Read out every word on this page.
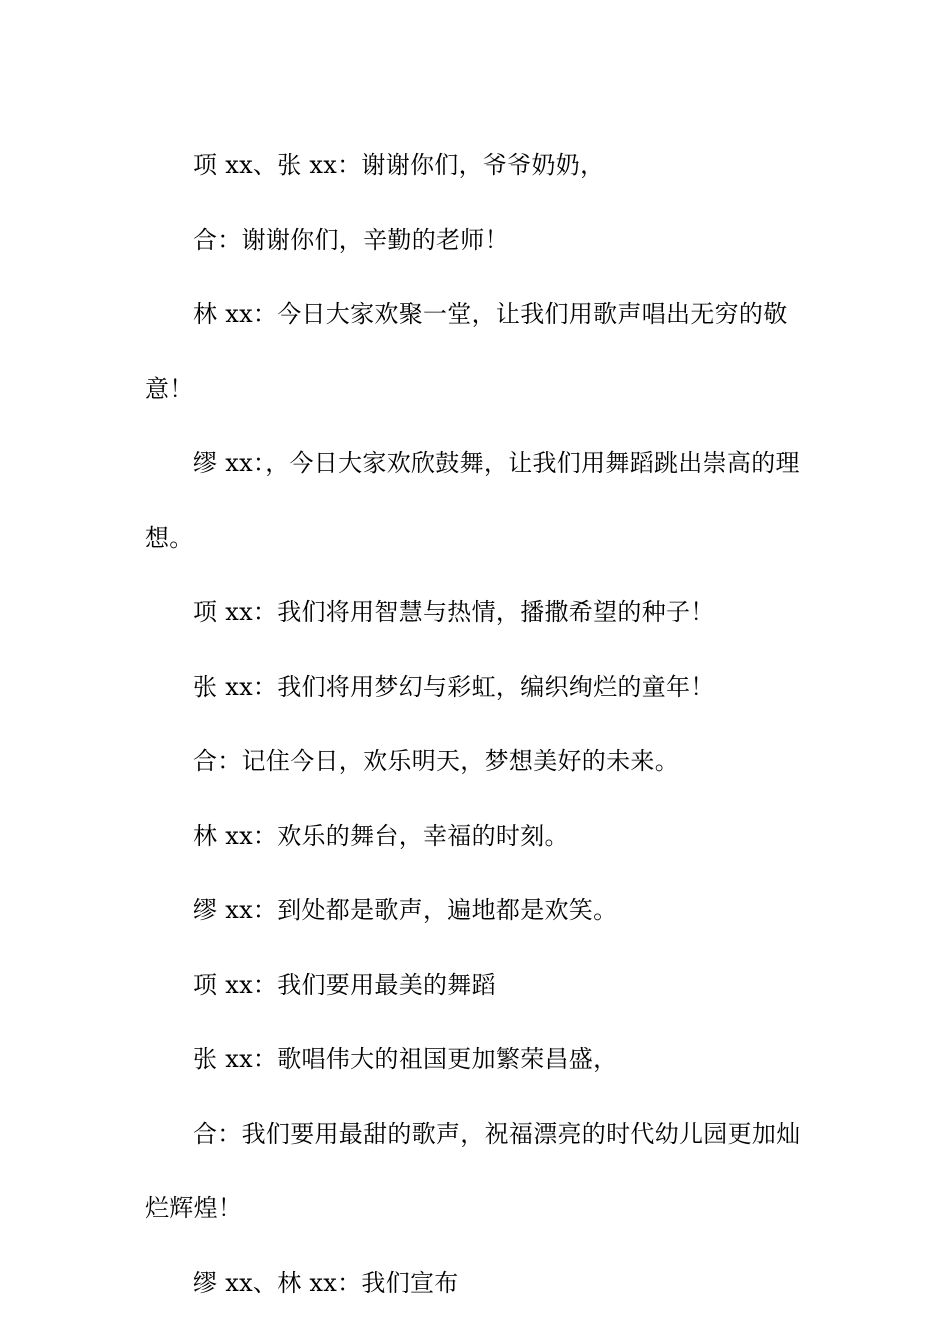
项 xx、张 xx：谢谢你们，爷爷奶奶，

合：谢谢你们，辛勤的老师！

林 xx：今日大家欢聚一堂，让我们用歌声唱出无穷的敬意！

缪 xx：，今日大家欢欣鼓舞，让我们用舞蹈跳出崇高的理想。

项 xx：我们将用智慧与热情，播撒希望的种子！

张 xx：我们将用梦幻与彩虹，编织绚烂的童年！

合：记住今日，欢乐明天，梦想美好的未来。

林 xx：欢乐的舞台，幸福的时刻。

缪 xx：到处都是歌声，遍地都是欢笑。

项 xx：我们要用最美的舞蹈

张 xx：歌唱伟大的祖国更加繁荣昌盛，

合：我们要用最甜的歌声，祝福漂亮的时代幼儿园更加灿烂辉煌！

缪 xx、林 xx：我们宣布
